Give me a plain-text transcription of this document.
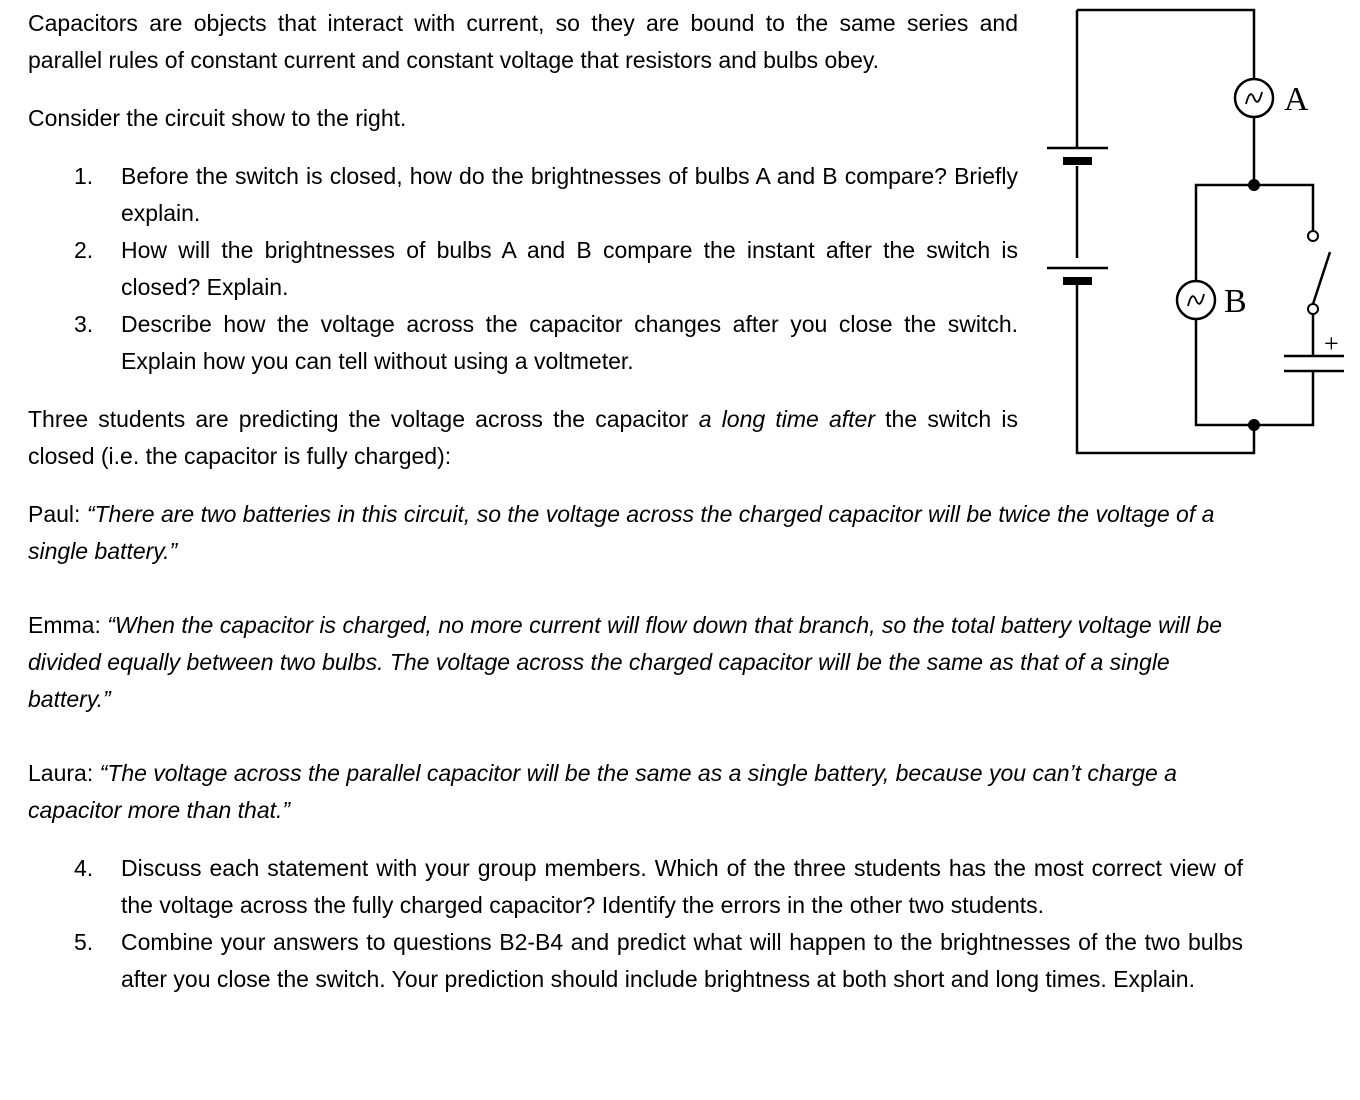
Capacitors are objects that interact with current, so they are bound to the same series and parallel rules of constant current and constant voltage that resistors and bulbs obey.

Consider the circuit show to the right.

1. Before the switch is closed, how do the brightnesses of bulbs A and B compare? Briefly explain.
2. How will the brightnesses of bulbs A and B compare the instant after the switch is closed? Explain.
3. Describe how the voltage across the capacitor changes after you close the switch. Explain how you can tell without using a voltmeter.

Three students are predicting the voltage across the capacitor a long time after the switch is closed (i.e. the capacitor is fully charged):

Paul: “There are two batteries in this circuit, so the voltage across the charged capacitor will be twice the voltage of a single battery.”

Emma: “When the capacitor is charged, no more current will flow down that branch, so the total battery voltage will be divided equally between two bulbs. The voltage across the charged capacitor will be the same as that of a single battery.”

Laura: “The voltage across the parallel capacitor will be the same as a single battery, because you can’t charge a capacitor more than that.”

4. Discuss each statement with your group members. Which of the three students has the most correct view of the voltage across the fully charged capacitor? Identify the errors in the other two students.
5. Combine your answers to questions B2-B4 and predict what will happen to the brightnesses of the two bulbs after you close the switch. Your prediction should include brightness at both short and long times. Explain.
A
B
+
